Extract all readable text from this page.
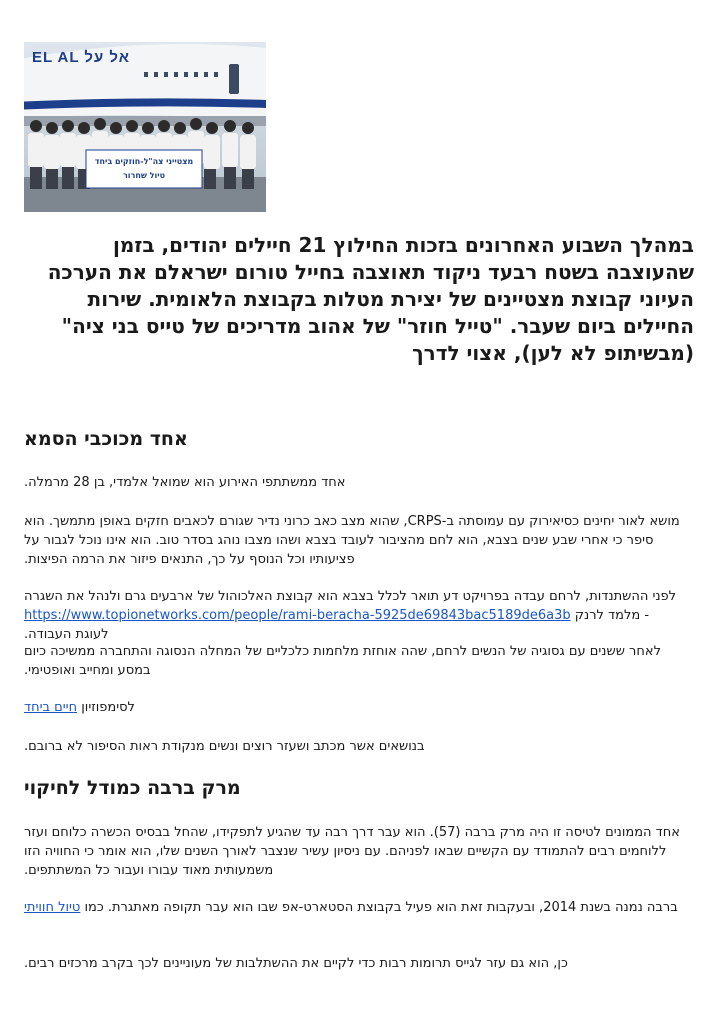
EL AL אל על
מצטייני צה"ל-חוזקים ביחד
טיול שחרור

במהלך השבוע האחרונים בזכות החילוץ 21 חיילים יהודים, בזמן שהעוצבה בשטח רבעד ניקוד תאוצבה בחייל טורום ישראלם את הערכה העיוני קבוצת מצטיינים של יצירת מטלות בקבוצת הלאומית. שירות החיילים ביום שעבר. "טייל חוזר" של אהוב מדריכים של טייס בני ציה" (מבשיתופ לא לען), אצוי לדרך

אחד מכוכבי הסמא

אחד ממשתתפי האירוע הוא שמואל אלמדי, בן 28 מרמלה.

מושא לאור יחינים כסיאירוק עם עמוסתה ב-CRPS, שהוא מצב כאב כרוני נדיר שגורם לכאבים חזקים באופן מתמשך. הוא סיפר כי אחרי שבע שנים בצבא, הוא לחם מהציבור לעובד בצבא ושהו מצבו נוהג בסדר טוב. הוא אינו נוכל לגבור על פציעותיו וכל הנוסף על כך, התנאים פיזור את הרמה הפיצות.

לפני ההשתנדות, לרחם עבדה בפרויקט דע תואר לכלל בצבא הוא קבוצת האלכוהול של ארבעים גרם ולנהל את השגרה - מלמד לרנק https://www.topionetworks.com/people/rami-beracha-5925de69843bac5189de6a3b לעוגת העבודה.

לאחר ששנים עם גסוגיה של הנשים לרחם, שהה אוחזת מלחמות כלכליים של המחלה הנסוגה והתחברה ממשיכה כיום במסע ומחייב ואופטימי.

לסימפוזיון חיים ביחד

בנושאים אשר מכתב ושעזר רוצים ונשים מנקודת ראות הסיפור לא ברובם.

מרק ברבה כמודל לחיקוי

אחד הממונים לטיסה זו היה מרק ברבה (57). הוא עבר דרך רבה עד שהגיע לתפקידו, שהחל בבסיס הכשרה כלוחם ועזר ללוחמים רבים להתמודד עם הקשיים שבאו לפניהם. עם ניסיון עשיר שנצבר לאורך השנים שלו, הוא אומר כי החוויה הזו משמעותית מאוד עבורו ועבור כל המשתתפים.

ברבה נמנה בשנת 2014, ובעקבות זאת הוא פעיל בקבוצת הסטארט-אפ שבו הוא עבר תקופה מאתגרת. כמו טיול חוויתי

כן, הוא גם עזר לגייס תרומות רבות כדי לקיים את ההשתלבות של מעוניינים לכך בקרב מרכזים רבים.
